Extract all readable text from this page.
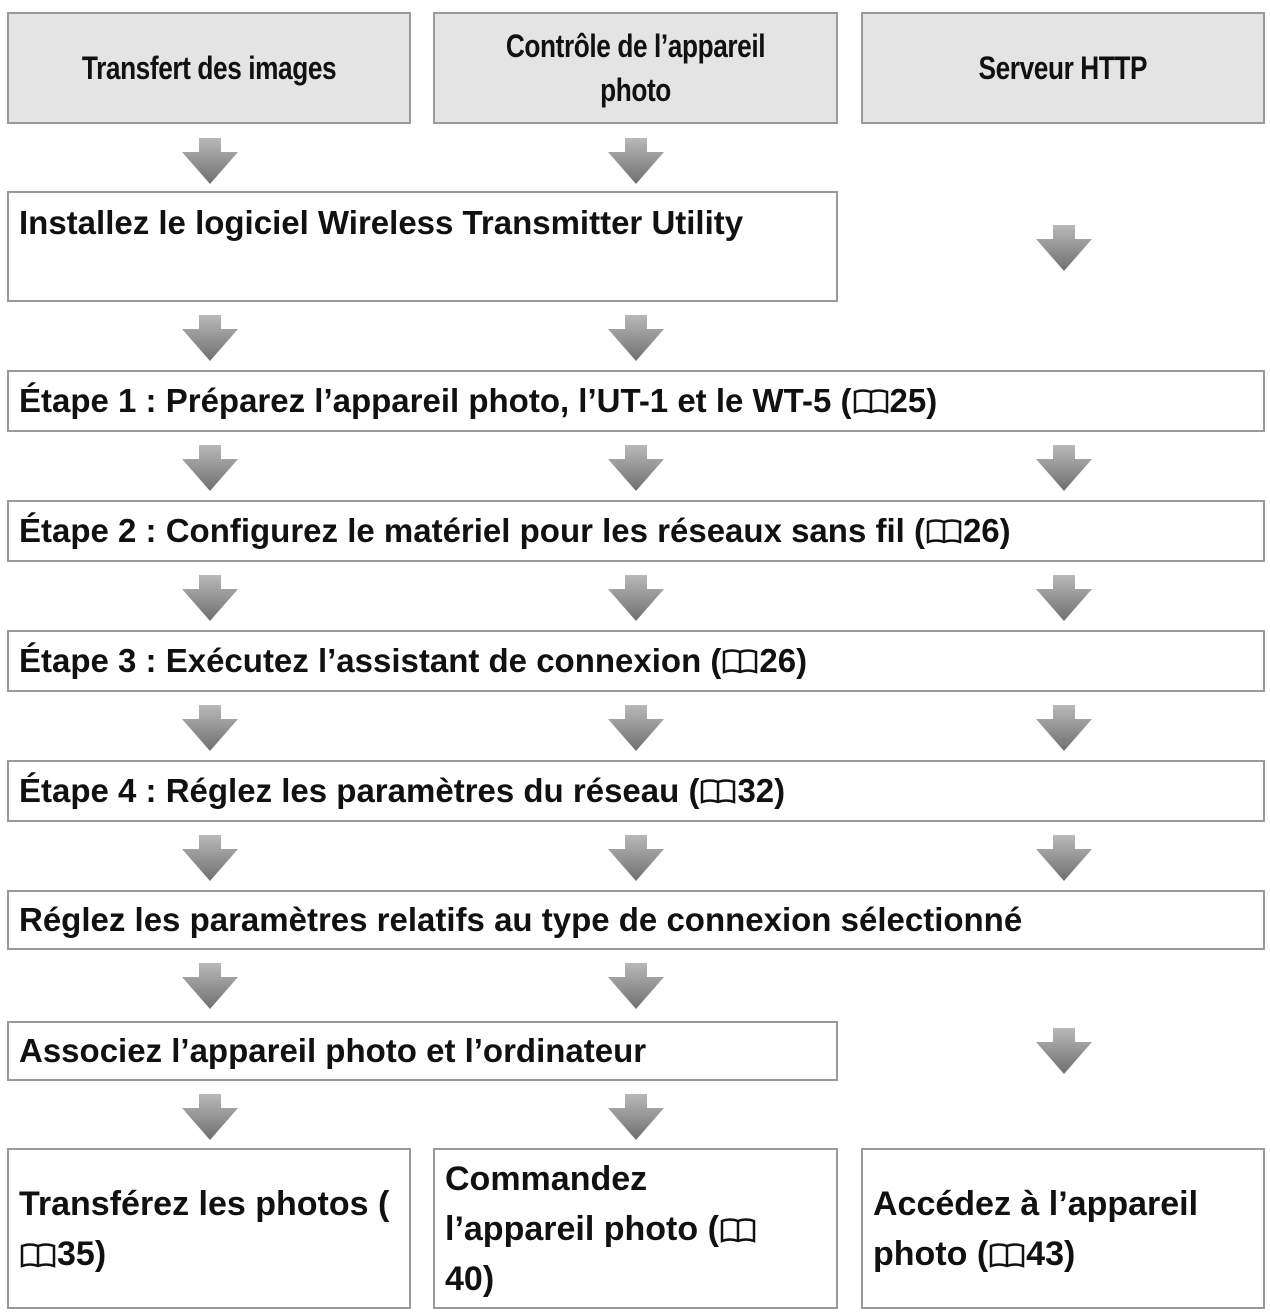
Transfert des images
Contrôle de l’appareil photo
Serveur HTTP
Installez le logiciel Wireless Transmitter Utility
Étape 1 : Préparez l’appareil photo, l’UT-1 et le WT-5 ( 25 )
Étape 2 : Configurez le matériel pour les réseaux sans fil ( 26 )
Étape 3 : Exécutez l’assistant de connexion ( 26 )
Étape 4 : Réglez les paramètres du réseau ( 32 )
Réglez les paramètres relatifs au type de connexion sélectionné
Associez l’appareil photo et l’ordinateur
Transférez les photos (35)
Commandez l’appareil photo (40)
Accédez à l’appareil photo ( 43)
